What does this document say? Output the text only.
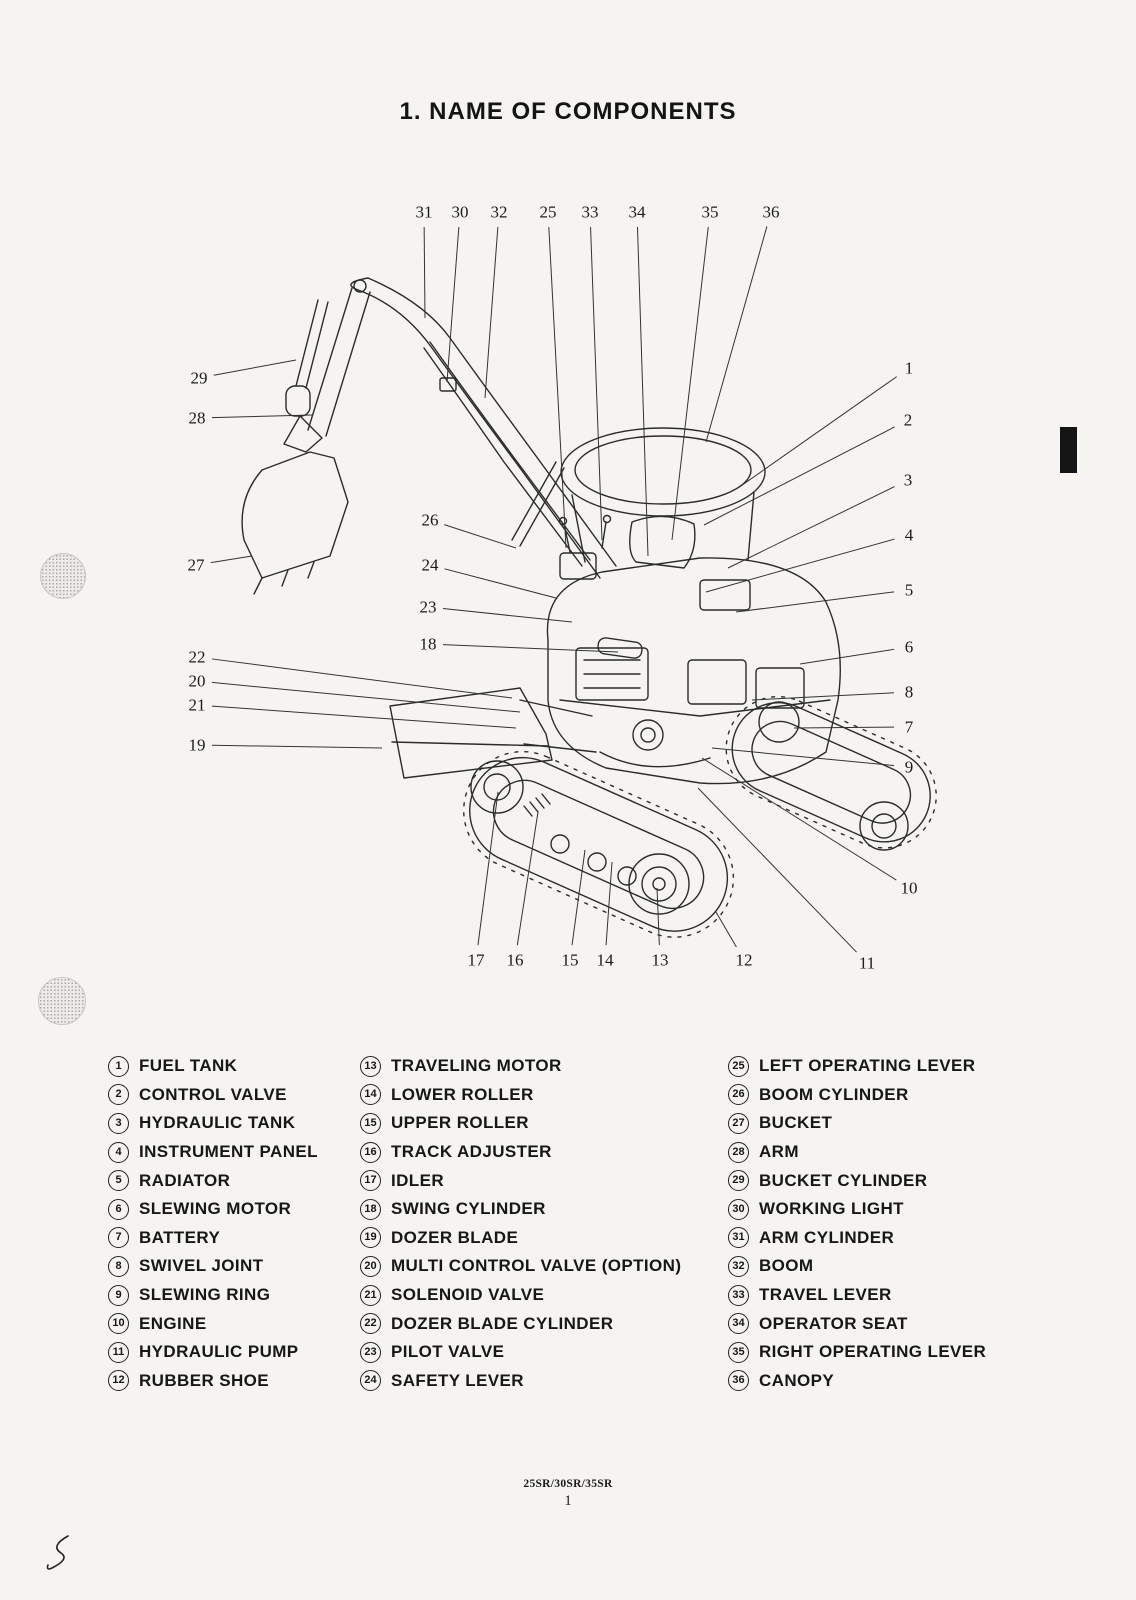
1. NAME OF COMPONENTS
31 30 32 25 33 34	35	36
1
2
3
4
5
6
8
7
9
10
11
12
13
14
15
16
17
29
28
27
26
24
23
18
22
20
21
19
1	FUEL TANK
2	CONTROL VALVE
3	HYDRAULIC TANK
4	INSTRUMENT PANEL
5	RADIATOR
6	SLEWING MOTOR
7	BATTERY
8	SWIVEL JOINT
9	SLEWING RING
10 ENGINE
11 HYDRAULIC PUMP
12 RUBBER SHOE
13 TRAVELING MOTOR
14 LOWER ROLLER
15 UPPER ROLLER
16 TRACK ADJUSTER
17 IDLER
18 SWING CYLINDER
19 DOZER BLADE
20 MULTI CONTROL VALVE (OPTION)
21 SOLENOID VALVE
22 DOZER BLADE CYLINDER
23 PILOT VALVE
24 SAFETY LEVER
25 LEFT OPERATING LEVER
26 BOOM CYLINDER
27 BUCKET
28 ARM
29 BUCKET CYLINDER
30 WORKING LIGHT
31 ARM CYLINDER
32 BOOM
33 TRAVEL LEVER
34 OPERATOR SEAT
35 RIGHT OPERATING LEVER
36 CANOPY
25SR/30SR/35SR
1
